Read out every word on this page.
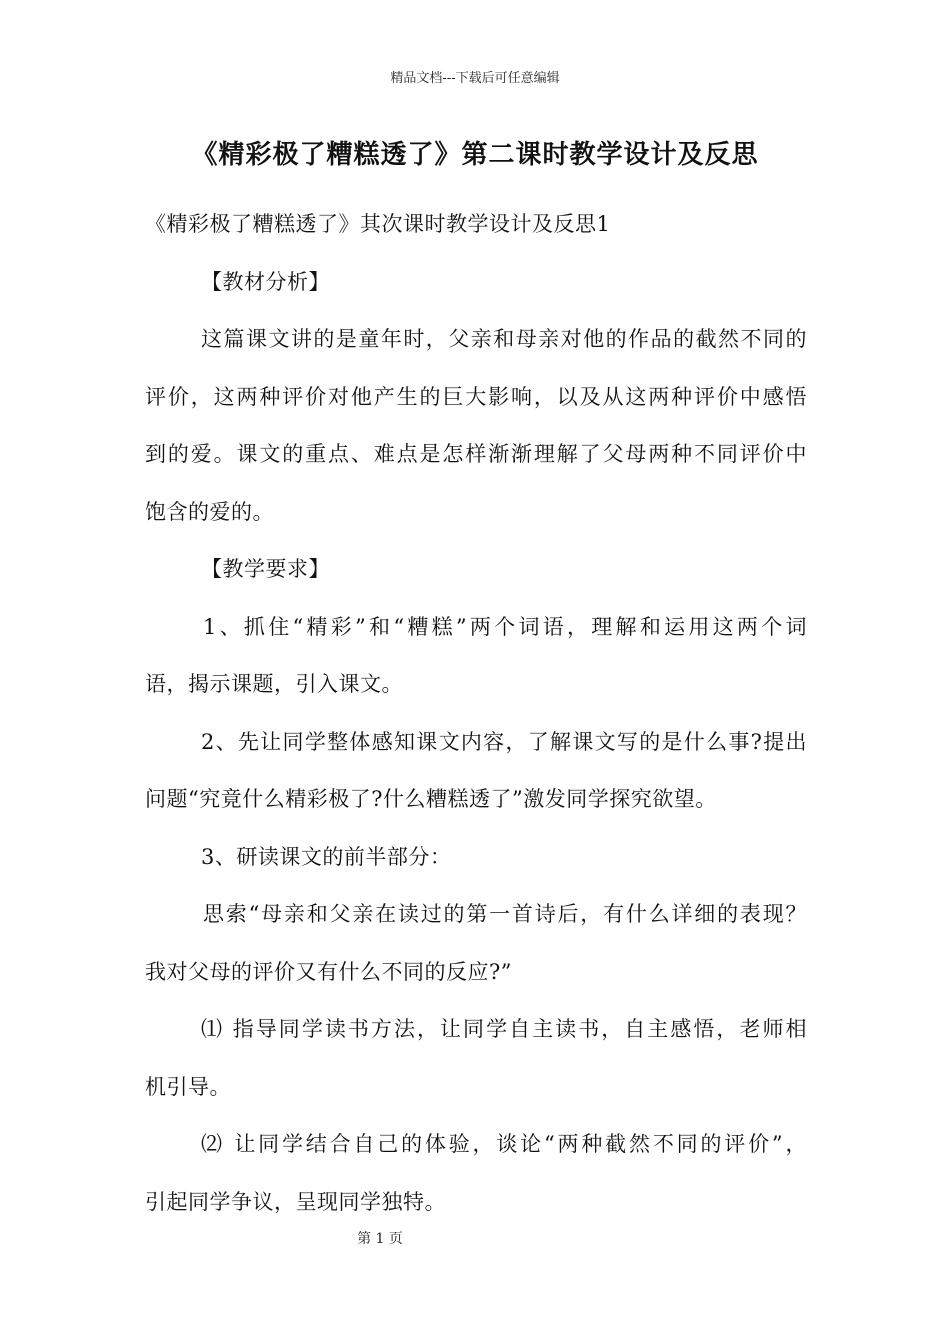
精品文档---下载后可任意编辑
《精彩极了糟糕透了》第二课时教学设计及反思
《精彩极了糟糕透了》其次课时教学设计及反思1
【教材分析】
这篇课文讲的是童年时，父亲和母亲对他的作品的截然不同的
评价，这两种评价对他产生的巨大影响，以及从这两种评价中感悟
到的爱。课文的重点、难点是怎样渐渐理解了父母两种不同评价中
饱含的爱的。
【教学要求】
1、抓住“精彩”和“糟糕”两个词语，理解和运用这两个词
语，揭示课题，引入课文。
2、先让同学整体感知课文内容，了解课文写的是什么事?提出
问题“究竟什么精彩极了?什么糟糕透了”激发同学探究欲望。
3、研读课文的前半部分：
思索“母亲和父亲在读过的第一首诗后，有什么详细的表现？
我对父母的评价又有什么不同的反应?”
⑴ 指导同学读书方法，让同学自主读书，自主感悟，老师相
机引导。
⑵ 让同学结合自己的体验，谈论“两种截然不同的评价”，
引起同学争议，呈现同学独特。
第 1 页
